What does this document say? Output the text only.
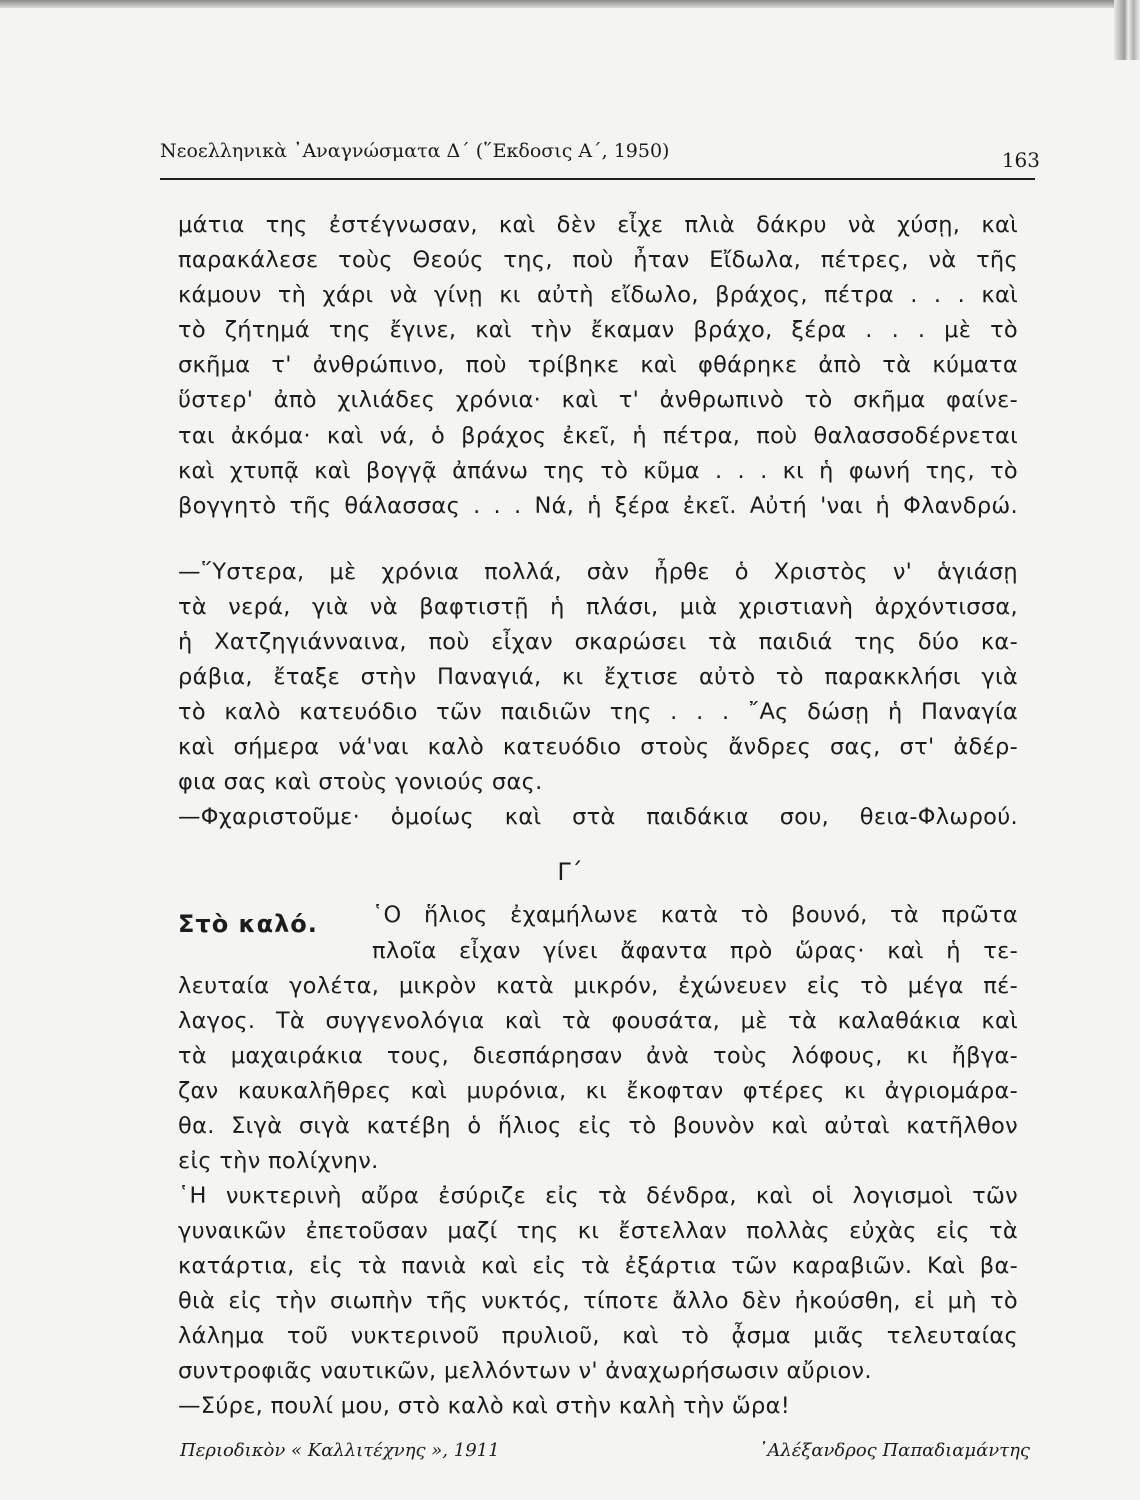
Νεοελληνικὰ ᾿Αναγνώσματα Δ΄ (῞Εκδοσις Α΄, 1950)	163

μάτια της ἐστέγνωσαν, καὶ δὲν εἶχε πλιὰ δάκρυ νὰ χύσῃ, καὶ

παρακάλεσε τοὺς Θεούς της, ποὺ ἦταν Εἴδωλα, πέτρες, νὰ τῆς

κάμουν τὴ χάρι νὰ γίνῃ κι αὐτὴ εἴδωλο, βράχος, πέτρα . . . καὶ

τὸ ζήτημά της ἔγινε, καὶ τὴν ἔκαμαν βράχο, ξέρα . . . μὲ τὸ

σκῆμα τ' ἀνθρώπινο, ποὺ τρίβηκε καὶ φθάρηκε ἀπὸ τὰ κύματα

ὕστερ' ἀπὸ χιλιάδες χρόνια· καὶ τ' ἀνθρωπινὸ τὸ σκῆμα φαίνε-

ται ἀκόμα· καὶ νά, ὁ βράχος ἐκεῖ, ἡ πέτρα, ποὺ θαλασσοδέρνεται

καὶ χτυπᾷ καὶ βογγᾷ ἀπάνω της τὸ κῦμα . . . κι ἡ φωνή της, τὸ

βογγητὸ τῆς θάλασσας . . . Νά, ἡ ξέρα ἐκεῖ. Αὐτή 'ναι ἡ Φλανδρώ.

—῞Υστερα, μὲ χρόνια πολλά, σὰν ἦρθε ὁ Χριστὸς ν' ἁγιάσῃ

τὰ νερά, γιὰ νὰ βαφτιστῇ ἡ πλάσι, μιὰ χριστιανὴ ἀρχόντισσα,

ἡ Χατζηγιάνναινα, ποὺ εἶχαν σκαρώσει τὰ παιδιά της δύο κα-

ράβια, ἔταξε στὴν Παναγιά, κι ἔχτισε αὐτὸ τὸ παρακκλήσι γιὰ

τὸ καλὸ κατευόδιο τῶν παιδιῶν της . . . ῎Ας δώσῃ ἡ Παναγία

καὶ σήμερα νά'ναι καλὸ κατευόδιο στοὺς ἄνδρες σας, στ' ἀδέρ-

φια σας καὶ στοὺς γονιούς σας.

—Φχαριστοῦμε· ὁμοίως καὶ στὰ παιδάκια σου, θεια-Φλωρού.

Γ΄
Στὸ καλό. ῾Ο ἥλιος ἐχαμήλωνε κατὰ τὸ βουνό, τὰ πρῶτα

πλοῖα εἶχαν γίνει ἄφαντα πρὸ ὥρας· καὶ ἡ τε-

λευταία γολέτα, μικρὸν κατὰ μικρόν, ἐχώνευεν εἰς τὸ μέγα πέ-

λαγος. Τὰ συγγενολόγια καὶ τὰ φουσάτα, μὲ τὰ καλαθάκια καὶ

τὰ μαχαιράκια τους, διεσπάρησαν ἀνὰ τοὺς λόφους, κι ἤβγα-

ζαν καυκαλῆθρες καὶ μυρόνια, κι ἔκοφταν φτέρες κι ἀγριομάρα-

θα. Σιγὰ σιγὰ κατέβη ὁ ἥλιος εἰς τὸ βουνὸν καὶ αὐταὶ κατῆλθον

εἰς τὴν πολίχνην.

῾Η νυκτερινὴ αὔρα ἐσύριζε εἰς τὰ δένδρα, καὶ οἱ λογισμοὶ τῶν

γυναικῶν ἐπετοῦσαν μαζί της κι ἔστελλαν πολλὰς εὐχὰς εἰς τὰ

κατάρτια, εἰς τὰ πανιὰ καὶ εἰς τὰ ἐξάρτια τῶν καραβιῶν. Καὶ βα-

θιὰ εἰς τὴν σιωπὴν τῆς νυκτός, τίποτε ἄλλο δὲν ἠκούσθη, εἰ μὴ τὸ

λάλημα τοῦ νυκτερινοῦ πρυλιοῦ, καὶ τὸ ᾆσμα μιᾶς τελευταίας

συντροφιᾶς ναυτικῶν, μελλόντων ν' ἀναχωρήσωσιν αὔριον.

—Σύρε, πουλί μου, στὸ καλὸ καὶ στὴν καλὴ τὴν ὥρα!

Περιοδικὸν « Καλλιτέχνης », 1911	᾿Αλέξανδρος Παπαδιαμάντης
